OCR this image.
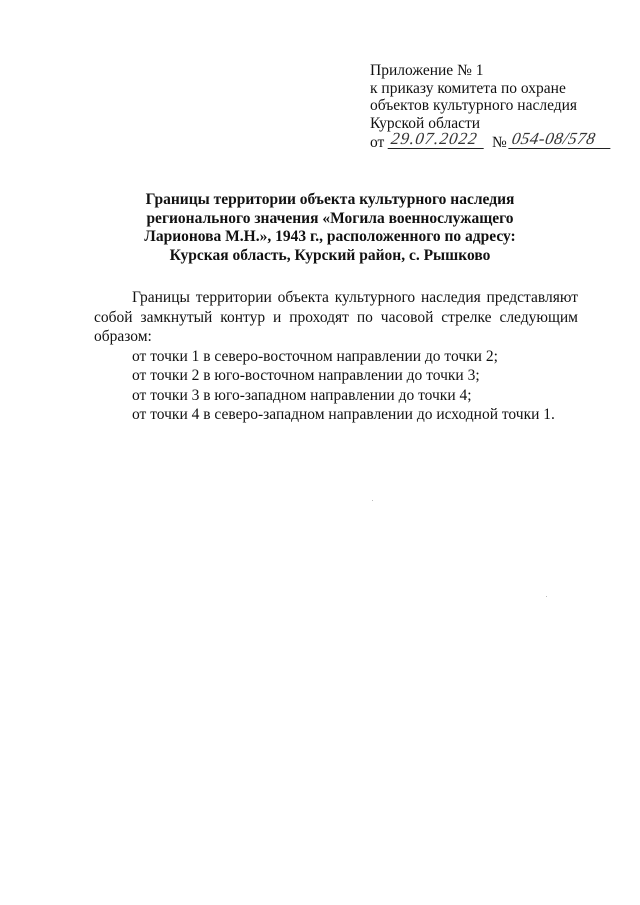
Приложение № 1
к приказу комитета по охране
объектов культурного наследия
Курской области
от 29.07.2022 № 054-08/578
Границы территории объекта культурного наследия
регионального значения «Могила военнослужащего
Ларионова М.Н.», 1943 г., расположенного по адресу:
Курская область, Курский район, с. Рышково

Границы территории объекта культурного наследия представляют собой замкнутый контур и проходят по часовой стрелке следующим образом:

от точки 1 в северо-восточном направлении до точки 2;

от точки 2 в юго-восточном направлении до точки 3;

от точки 3 в юго-западном направлении до точки 4;

от точки 4 в северо-западном направлении до исходной точки 1.
